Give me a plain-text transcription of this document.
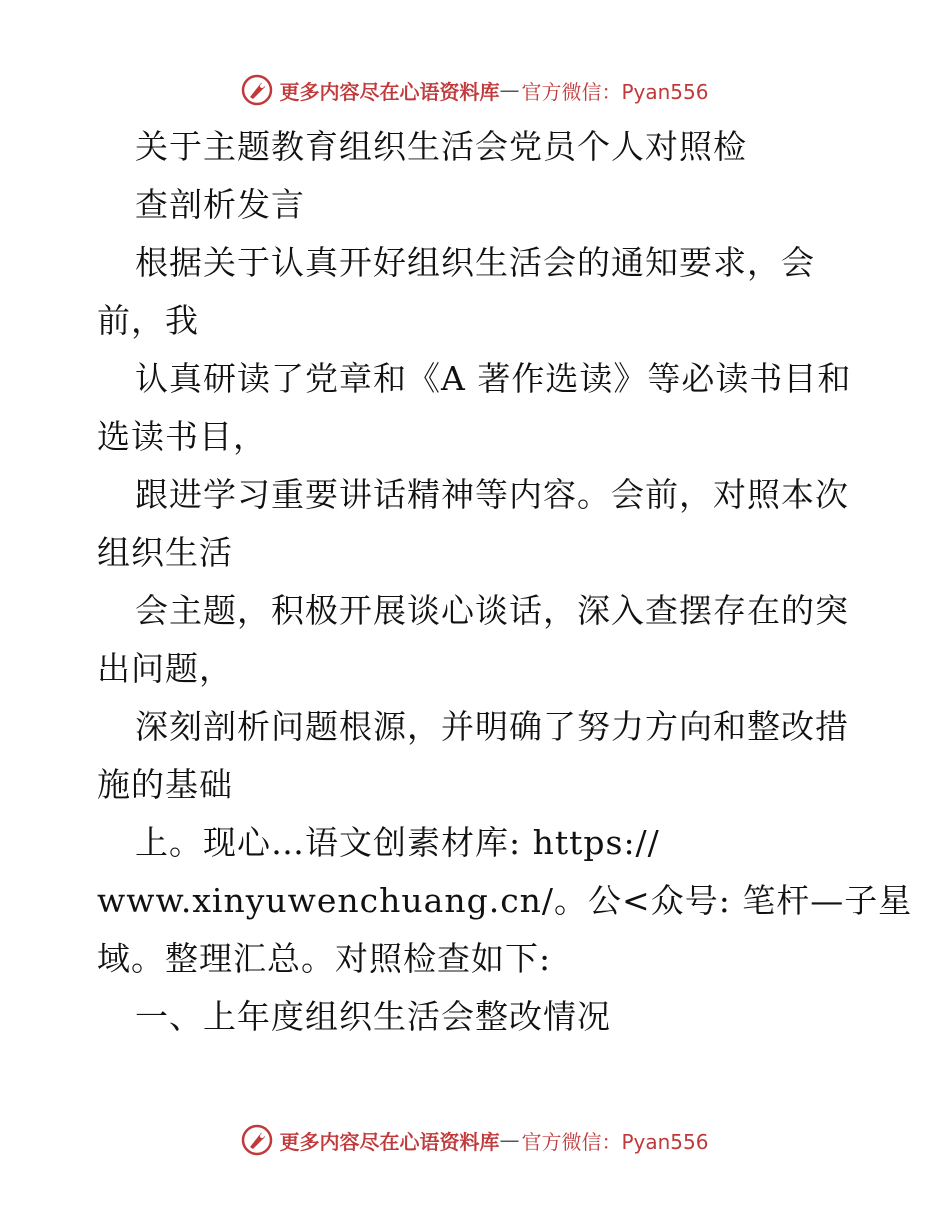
更多内容尽在心语资料库 — 官方微信：Pyan556
关于主题教育组织生活会党员个人对照检
查剖析发言
根据关于认真开好组织生活会的通知要求，会
前，我
认真研读了党章和《A 著作选读》等必读书目和
选读书目，
跟进学习重要讲话精神等内容。会前，对照本次
组织生活
会主题，积极开展谈心谈话，深入查摆存在的突
出问题，
深刻剖析问题根源，并明确了努力方向和整改措
施的基础
上。现心…语文创素材库: https://
www.xinyuwenchuang.cn/。公<众号: 笔杆—子星
域。整理汇总。对照检查如下:
一、上年度组织生活会整改情况
更多内容尽在心语资料库 — 官方微信：Pyan556
